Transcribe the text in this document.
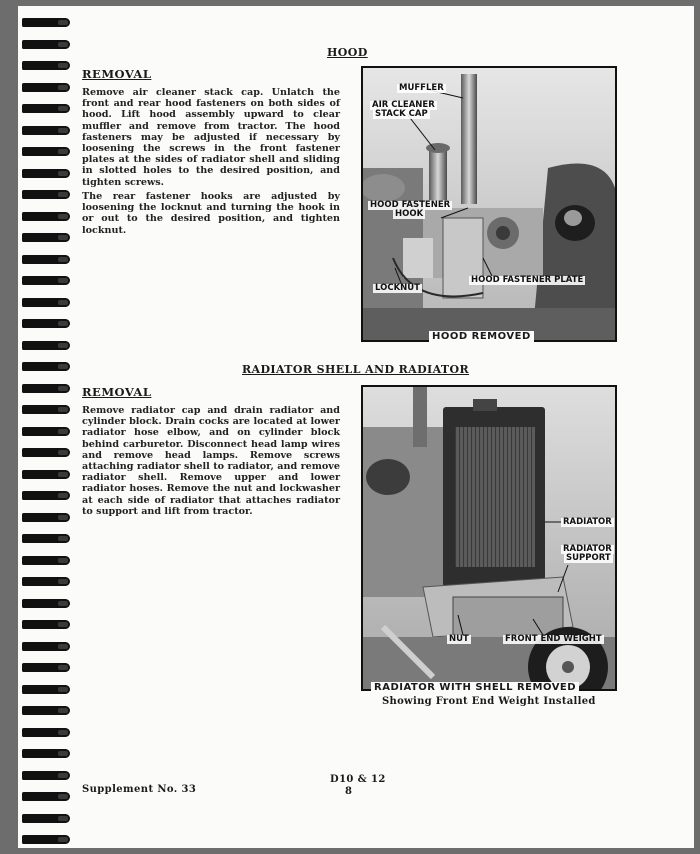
HOOD
REMOVAL

Remove air cleaner stack cap. Unlatch the front and rear hood fasteners on both sides of hood. Lift hood assembly upward to clear muffler and remove from tractor. The hood fasteners may be adjusted if necessary by loosening the screws in the front fastener plates at the sides of radiator shell and sliding in slotted holes to the desired position, and tighten screws.

The rear fastener hooks are adjusted by loosening the locknut and turning the hook in or out to the desired position, and tighten locknut.

MUFFLER
AIR CLEANER
STACK CAP
HOOD FASTENER
HOOK
LOCKNUT
HOOD FASTENER PLATE
HOOD REMOVED
RADIATOR SHELL AND RADIATOR
REMOVAL

Remove radiator cap and drain radiator and cylinder block. Drain cocks are located at lower radiator hose elbow, and on cylinder block behind carburetor. Disconnect head lamp wires and remove head lamps. Remove screws attaching radiator shell to radiator, and remove radiator shell. Remove upper and lower radiator hoses. Remove the nut and lockwasher at each side of radiator that attaches radiator to support and lift from tractor.

RADIATOR
RADIATOR
SUPPORT
NUT	FRONT END WEIGHT
RADIATOR WITH SHELL REMOVED
Showing Front End Weight Installed
Supplement No. 33
D10 & 12
8
